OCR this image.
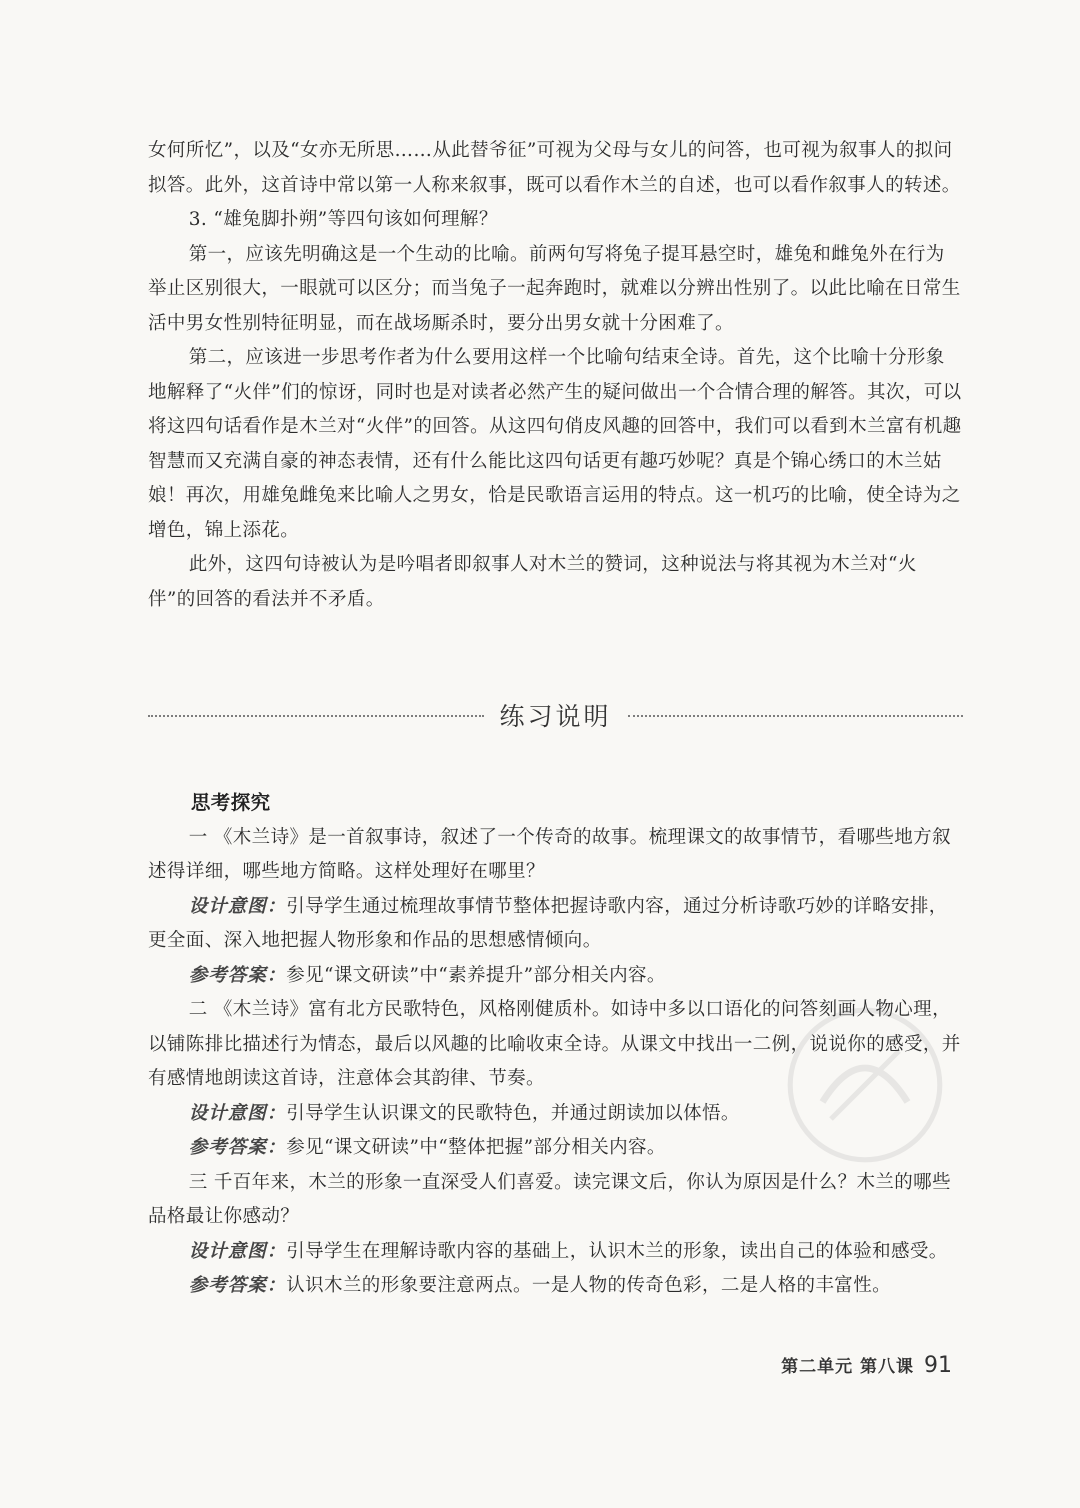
女何所忆”，以及“女亦无所思……从此替爷征”可视为父母与女儿的问答，也可视为叙事人的拟问拟答。此外，这首诗中常以第一人称来叙事，既可以看作木兰的自述，也可以看作叙事人的转述。

3. “雄兔脚扑朔”等四句该如何理解？

第一，应该先明确这是一个生动的比喻。前两句写将兔子提耳悬空时，雄兔和雌兔外在行为举止区别很大，一眼就可以区分；而当兔子一起奔跑时，就难以分辨出性别了。以此比喻在日常生活中男女性别特征明显，而在战场厮杀时，要分出男女就十分困难了。

第二，应该进一步思考作者为什么要用这样一个比喻句结束全诗。首先，这个比喻十分形象地解释了“火伴”们的惊讶，同时也是对读者必然产生的疑问做出一个合情合理的解答。其次，可以将这四句话看作是木兰对“火伴”的回答。从这四句俏皮风趣的回答中，我们可以看到木兰富有机趣智慧而又充满自豪的神态表情，还有什么能比这四句话更有趣巧妙呢？真是个锦心绣口的木兰姑娘！再次，用雄兔雌兔来比喻人之男女，恰是民歌语言运用的特点。这一机巧的比喻，使全诗为之增色，锦上添花。

此外，这四句诗被认为是吟唱者即叙事人对木兰的赞词，这种说法与将其视为木兰对“火伴”的回答的看法并不矛盾。

练习说明

思考探究

一 《木兰诗》是一首叙事诗，叙述了一个传奇的故事。梳理课文的故事情节，看哪些地方叙述得详细，哪些地方简略。这样处理好在哪里？

设计意图：引导学生通过梳理故事情节整体把握诗歌内容，通过分析诗歌巧妙的详略安排，更全面、深入地把握人物形象和作品的思想感情倾向。

参考答案：参见“课文研读”中“素养提升”部分相关内容。

二 《木兰诗》富有北方民歌特色，风格刚健质朴。如诗中多以口语化的问答刻画人物心理，以铺陈排比描述行为情态，最后以风趣的比喻收束全诗。从课文中找出一二例，说说你的感受，并有感情地朗读这首诗，注意体会其韵律、节奏。

设计意图：引导学生认识课文的民歌特色，并通过朗读加以体悟。

参考答案：参见“课文研读”中“整体把握”部分相关内容。

三 千百年来，木兰的形象一直深受人们喜爱。读完课文后，你认为原因是什么？木兰的哪些品格最让你感动？

设计意图：引导学生在理解诗歌内容的基础上，认识木兰的形象，读出自己的体验和感受。

参考答案：认识木兰的形象要注意两点。一是人物的传奇色彩，二是人格的丰富性。

第二单元 第八课 91
